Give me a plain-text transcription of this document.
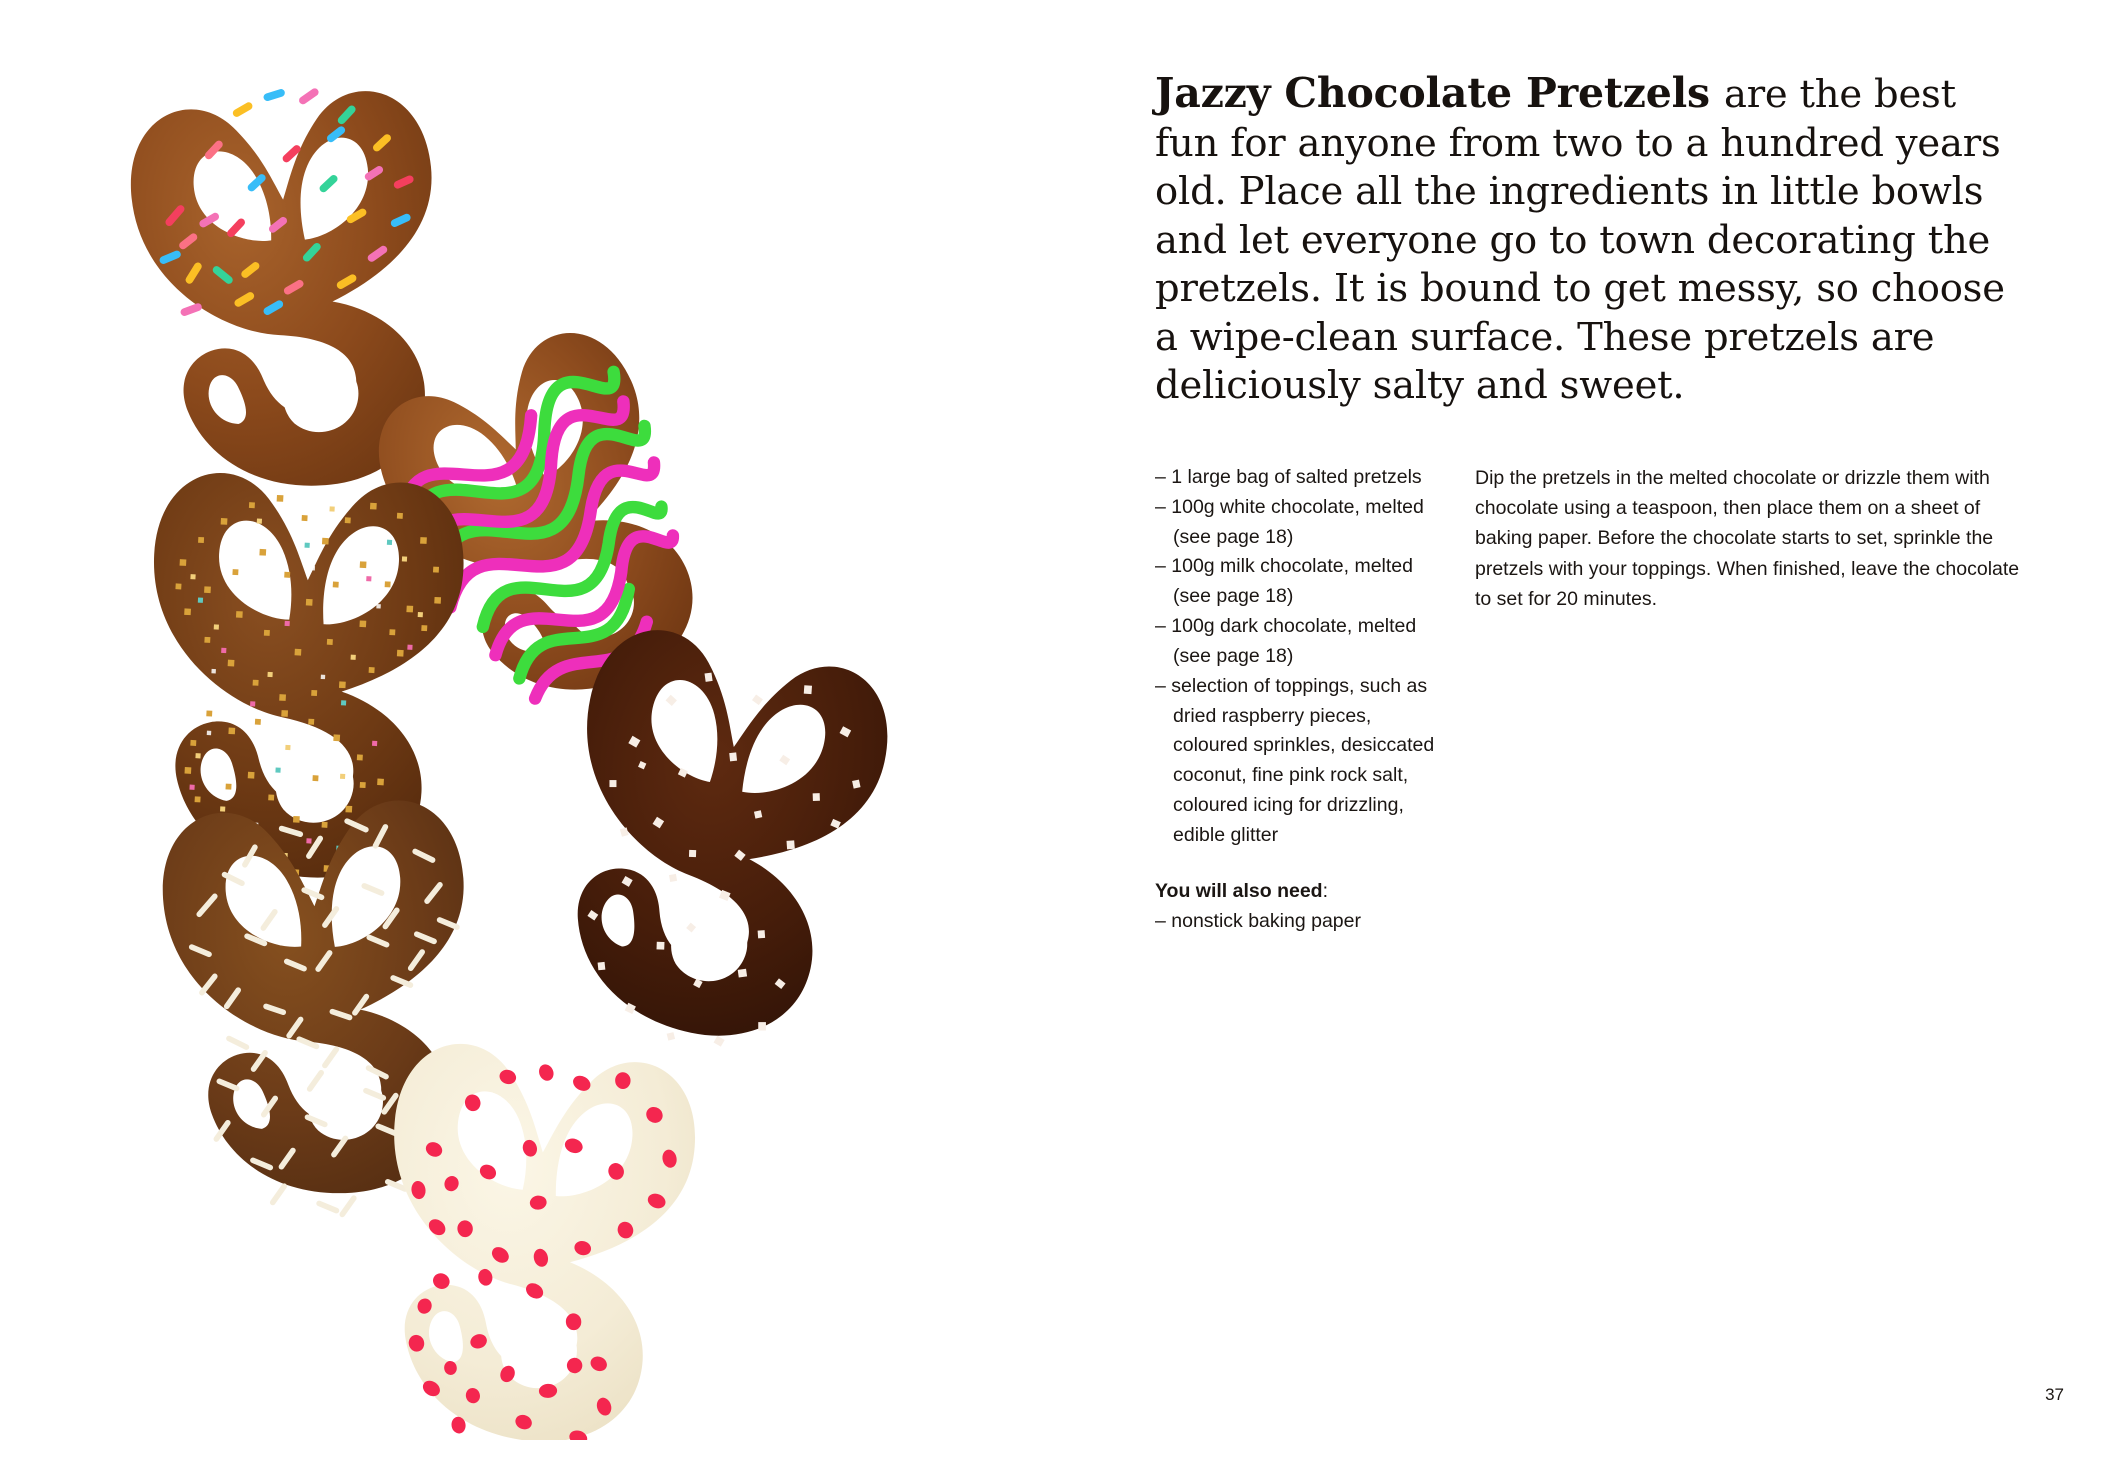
Jazzy Chocolate Pretzels are the best fun for anyone from two to a hundred years old. Place all the ingredients in little bowls and let everyone go to town decorating the pretzels. It is bound to get messy, so choose a wipe-clean surface. These pretzels are deliciously salty and sweet.

– 1 large bag of salted pretzels

– 100g white chocolate, melted (see page 18)

– 100g milk chocolate, melted (see page 18)

– 100g dark chocolate, melted (see page 18)

– selection of toppings, such as dried raspberry pieces, coloured sprinkles, desiccated coconut, fine pink rock salt, coloured icing for drizzling, edible glitter

You will also need:

– nonstick baking paper

Dip the pretzels in the melted chocolate or drizzle them with chocolate using a teaspoon, then place them on a sheet of baking paper. Before the chocolate starts to set, sprinkle the pretzels with your toppings. When finished, leave the chocolate to set for 20 minutes.

37
